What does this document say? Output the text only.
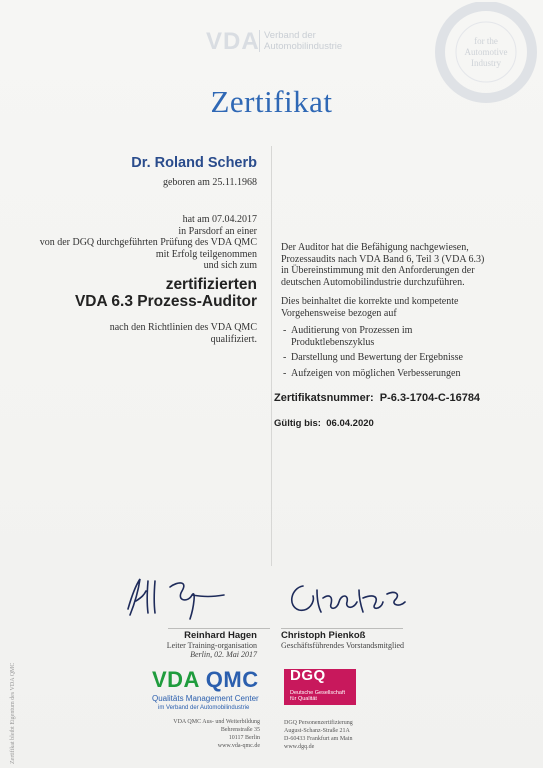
VDA Verband der
Automobilindustrie	for the
Automotive
Industry
Zertifikat
Dr. Roland Scherb
geboren am 25.11.1968
hat am 07.04.2017
in Parsdorf an einer
von der DGQ durchgeführten Prüfung des VDA QMC
mit Erfolg teilgenommen
und sich zum
zertifizierten
VDA 6.3 Prozess-Auditor
nach den Richtlinien des VDA QMC
qualifiziert.
Der Auditor hat die Befähigung nachgewiesen,
Prozessaudits nach VDA Band 6, Teil 3 (VDA 6.3)
in Übereinstimmung mit den Anforderungen der
deutschen Automobilindustrie durchzuführen.
Dies beinhaltet die korrekte und kompetente
Vorgehensweise bezogen auf
- Auditierung von Prozessen im
Produktlebenszyklus
- Darstellung und Bewertung der Ergebnisse
- Aufzeigen von möglichen Verbesserungen
Zertifikatsnummer: P-6.3-1704-C-16784
Gültig bis: 06.04.2020
Reinhard Hagen
Leiter Training-organisation
Berlin, 02. Mai 2017
Christoph Pienkoß
Geschäftsführendes Vorstandsmitglied
VDA QMC
Qualitäts Management Center
im Verband der Automobilindustrie
VDA QMC Aus- und Weiterbildung
Behrenstraße 35
10117 Berlin
www.vda-qmc.de
DGQ
Deutsche Gesellschaft
für Qualität
DGQ Personenzertifizierung
August-Schanz-Straße 21A
D-60433 Frankfurt am Main
www.dgq.de
Zertifikat bleibt Eigentum des VDA QMC
